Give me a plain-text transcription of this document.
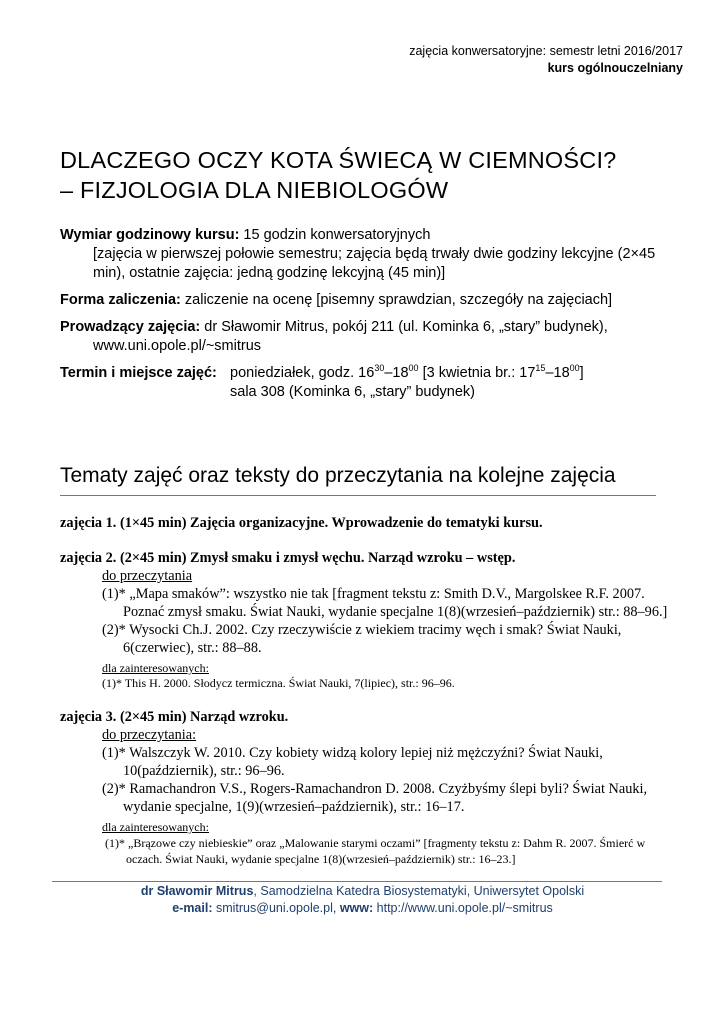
zajęcia konwersatoryjne: semestr letni 2016/2017
kurs ogólnouczelniany
DLACZEGO OCZY KOTA ŚWIECĄ W CIEMNOŚCI?
– FIZJOLOGIA DLA NIEBIOLOGÓW

Wymiar godzinowy kursu: 15 godzin konwersatoryjnych

[zajęcia w pierwszej połowie semestru; zajęcia będą trwały dwie godziny lekcyjne (2×45 min), ostatnie zajęcia: jedną godzinę lekcyjną (45 min)]

Forma zaliczenia: zaliczenie na ocenę [pisemny sprawdzian, szczegóły na zajęciach]

Prowadzący zajęcia: dr Sławomir Mitrus, pokój 211 (ul. Kominka 6, „stary” budynek),

www.uni.opole.pl/~smitrus

Termin i miejsce zajęć: poniedziałek, godz. $16^{30}-18^{00}$ [3 kwietnia br.: $17^{15}-18^{00}$]
sala 308 (Kominka 6, „stary” budynek)
Tematy zajęć oraz teksty do przeczytania na kolejne zajęcia

zajęcia 1. (1×45 min) Zajęcia organizacyjne. Wprowadzenie do tematyki kursu.

zajęcia 2. (2×45 min) Zmysł smaku i zmysł węchu. Narząd wzroku – wstęp.

do przeczytania
(1)* „Mapa smaków”: wszystko nie tak [fragment tekstu z: Smith D.V., Margolskee R.F. 2007.
Poznać zmysł smaku. Świat Nauki, wydanie specjalne 1(8)(wrzesień–październik) str.: 88–96.]
(2)* Wysocki Ch.J. 2002. Czy rzeczywiście z wiekiem tracimy węch i smak? Świat Nauki,
6(czerwiec), str.: 88–88.
dla zainteresowanych:
(1)* This H. 2000. Słodycz termiczna. Świat Nauki, 7(lipiec), str.: 96–96.

zajęcia 3. (2×45 min) Narząd wzroku.

do przeczytania:
(1)* Walszczyk W. 2010. Czy kobiety widzą kolory lepiej niż mężczyźni? Świat Nauki,
10(październik), str.: 96–96.
(2)* Ramachandron V.S., Rogers-Ramachandron D. 2008. Czyżbyśmy ślepi byli? Świat Nauki,
wydanie specjalne, 1(9)(wrzesień–październik), str.: 16–17.
dla zainteresowanych:
(1)* „Brązowe czy niebieskie” oraz „Malowanie starymi oczami” [fragmenty tekstu z: Dahm R. 2007. Śmierć w
oczach. Świat Nauki, wydanie specjalne 1(8)(wrzesień–październik) str.: 16–23.]
dr Sławomir Mitrus, Samodzielna Katedra Biosystematyki, Uniwersytet Opolski
e-mail: smitrus@uni.opole.pl, www: http://www.uni.opole.pl/~smitrus
